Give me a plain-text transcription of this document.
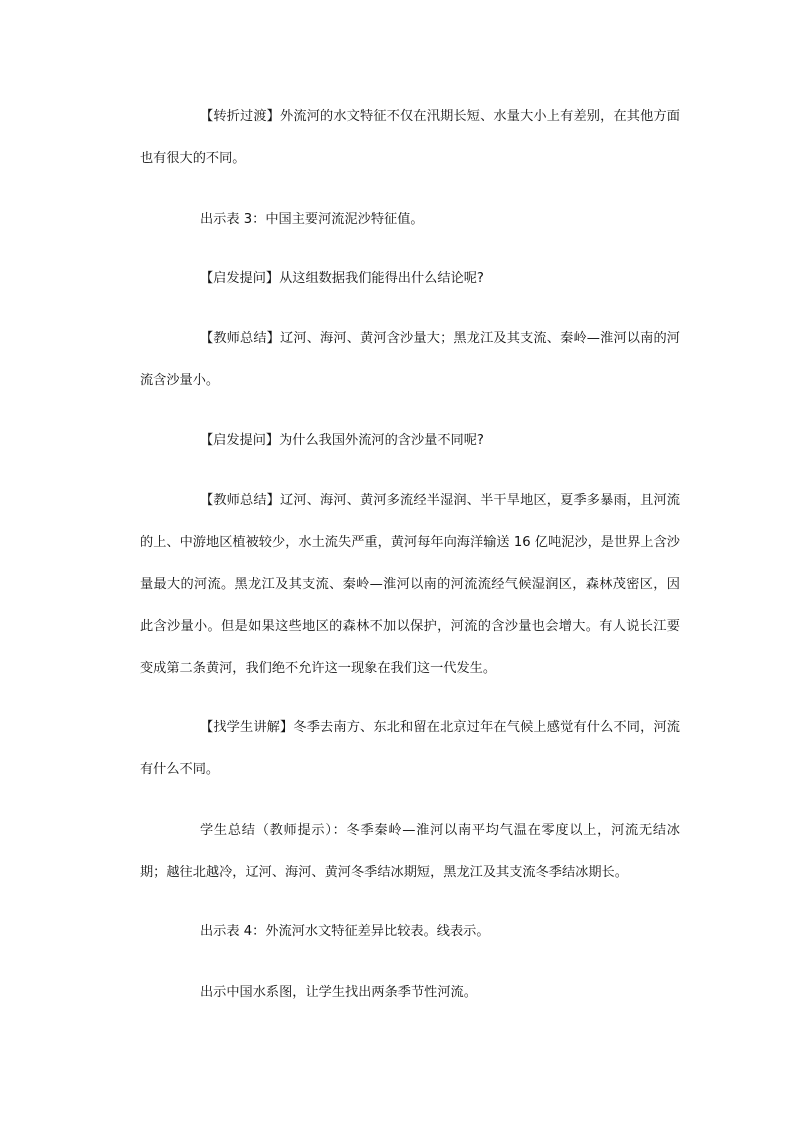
【转折过渡】外流河的水文特征不仅在汛期长短、水量大小上有差别，在其他方面也有很大的不同。

出示表 3：中国主要河流泥沙特征值。

【启发提问】从这组数据我们能得出什么结论呢?

【教师总结】辽河、海河、黄河含沙量大；黑龙江及其支流、秦岭—淮河以南的河流含沙量小。

【启发提问】为什么我国外流河的含沙量不同呢?

【教师总结】辽河、海河、黄河多流经半湿润、半干旱地区，夏季多暴雨，且河流的上、中游地区植被较少，水土流失严重，黄河每年向海洋输送 16 亿吨泥沙，是世界上含沙量最大的河流。黑龙江及其支流、秦岭—淮河以南的河流流经气候湿润区，森林茂密区，因此含沙量小。但是如果这些地区的森林不加以保护，河流的含沙量也会增大。有人说长江要变成第二条黄河，我们绝不允许这一现象在我们这一代发生。

【找学生讲解】冬季去南方、东北和留在北京过年在气候上感觉有什么不同，河流有什么不同。

学生总结（教师提示）：冬季秦岭—淮河以南平均气温在零度以上，河流无结冰期；越往北越冷，辽河、海河、黄河冬季结冰期短，黑龙江及其支流冬季结冰期长。

出示表 4：外流河水文特征差异比较表。线表示。

出示中国水系图，让学生找出两条季节性河流。
